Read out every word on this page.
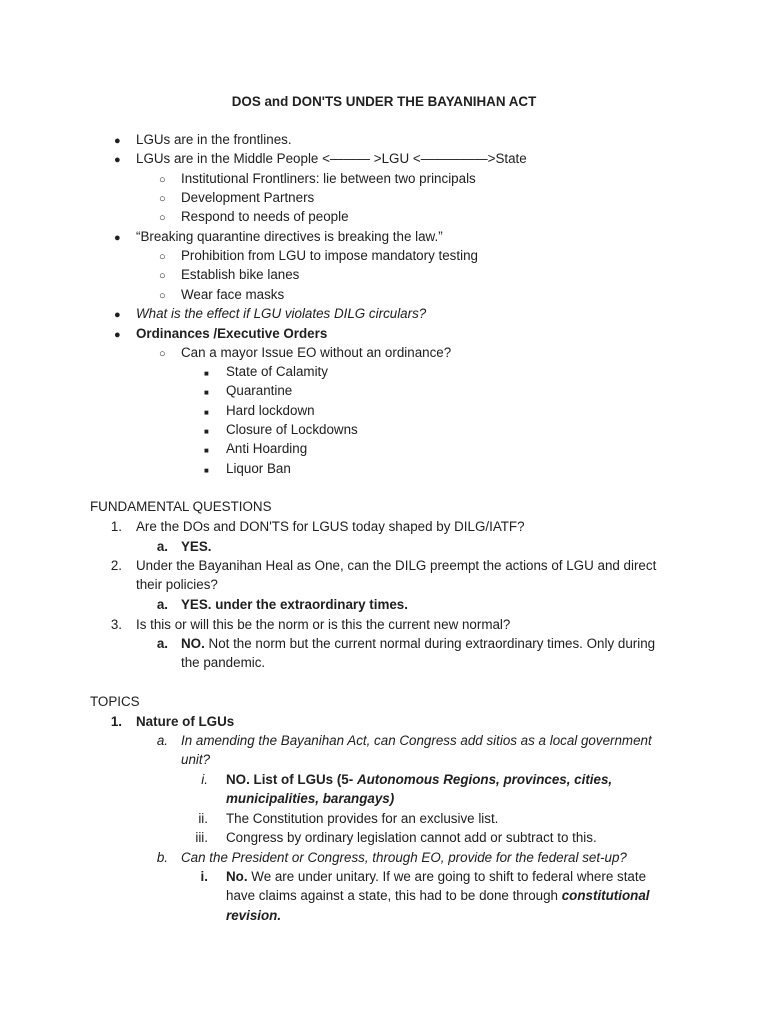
DOS and DON'TS UNDER THE BAYANIHAN ACT
● LGUs are in the frontlines.
● LGUs are in the Middle People <——— >LGU <—————>State
○ Institutional Frontliners: lie between two principals
○ Development Partners
○ Respond to needs of people
● “Breaking quarantine directives is breaking the law.”
○ Prohibition from LGU to impose mandatory testing
○ Establish bike lanes
○ Wear face masks
● What is the effect if LGU violates DILG circulars?
● Ordinances /Executive Orders
○ Can a mayor Issue EO without an ordinance?
■ State of Calamity
■ Quarantine
■ Hard lockdown
■ Closure of Lockdowns
■ Anti Hoarding
■ Liquor Ban
FUNDAMENTAL QUESTIONS
1. Are the DOs and DON'TS for LGUS today shaped by DILG/IATF?
a. YES.
2. Under the Bayanihan Heal as One, can the DILG preempt the actions of LGU and direct
their policies?
a. YES. under the extraordinary times.
3. Is this or will this be the norm or is this the current new normal?
a. NO. Not the norm but the current normal during extraordinary times. Only during
the pandemic.
TOPICS
1. Nature of LGUs
a. In amending the Bayanihan Act, can Congress add sitios as a local government
unit?
i. NO. List of LGUs (5- Autonomous Regions, provinces, cities,
municipalities, barangays)
ii. The Constitution provides for an exclusive list.
iii. Congress by ordinary legislation cannot add or subtract to this.
b. Can the President or Congress, through EO, provide for the federal set-up?
i. No. We are under unitary. If we are going to shift to federal where state
have claims against a state, this had to be done through constitutional
revision.
